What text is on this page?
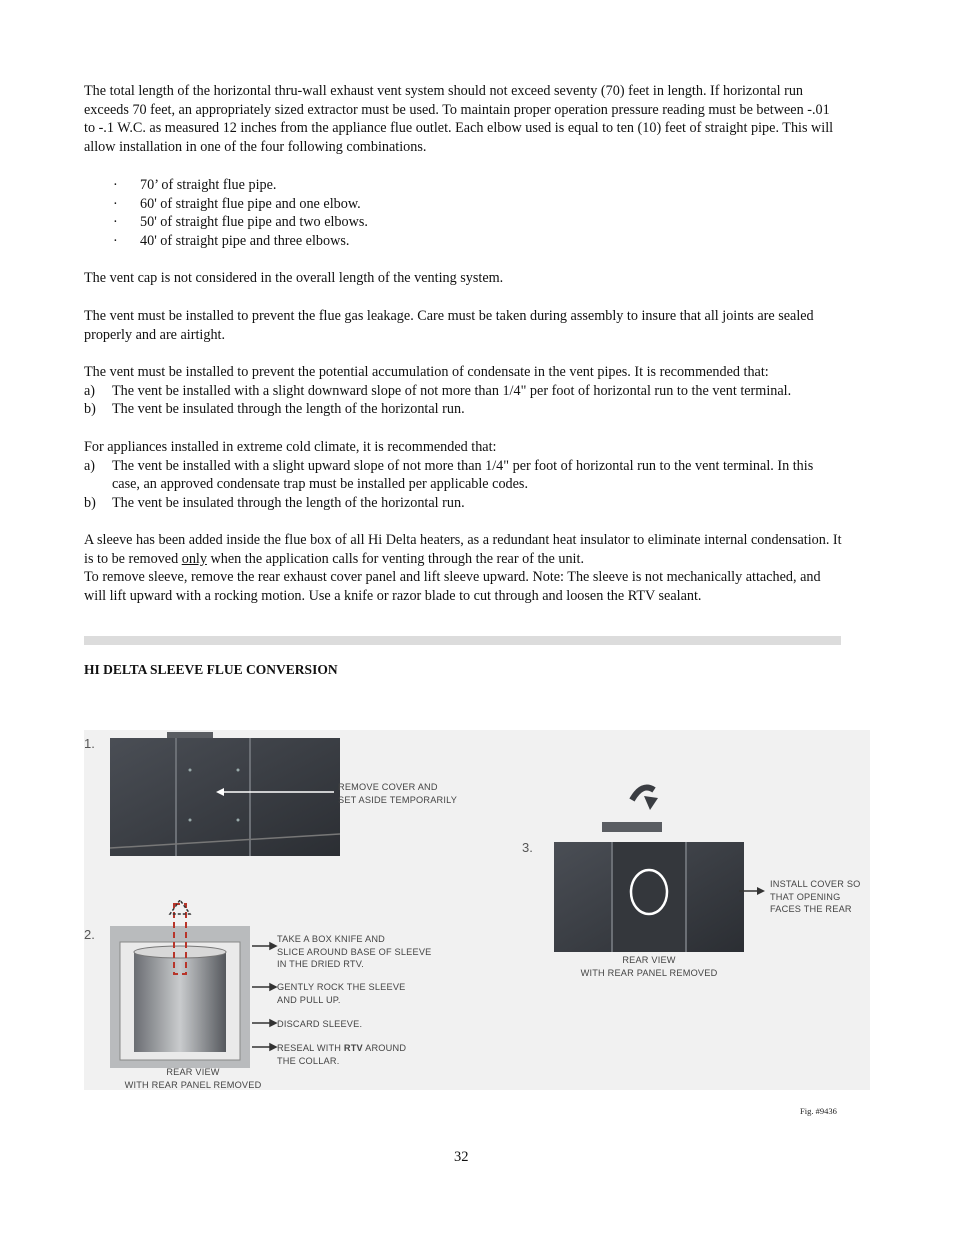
The total length of the horizontal thru-wall exhaust vent system should not exceed seventy (70) feet in length. If horizontal run exceeds 70 feet, an appropriately sized extractor must be used. To maintain proper operation pressure reading must be between -.01 to -.1 W.C. as measured 12 inches from the appliance flue outlet. Each elbow used is equal to ten (10) feet of straight pipe. This will allow installation in one of the four following combinations.

·	70’ of straight flue pipe.
·	60' of straight flue pipe and one elbow.
·	50' of straight flue pipe and two elbows.
·	40' of straight pipe and three elbows.

The vent cap is not considered in the overall length of the venting system.

The vent must be installed to prevent the flue gas leakage. Care must be taken during assembly to insure that all joints are sealed properly and are airtight.

The vent must be installed to prevent the potential accumulation of condensate in the vent pipes. It is recommended that:
a)	The vent be installed with a slight downward slope of not more than 1/4" per foot of horizontal run to the vent terminal.
b)	The vent be insulated through the length of the horizontal run.
For appliances installed in extreme cold climate, it is recommended that:
a)	The vent be installed with a slight upward slope of not more than 1/4" per foot of horizontal run to the vent terminal. In this case, an approved condensate trap must be installed per applicable codes.
b)	The vent be insulated through the length of the horizontal run.
A sleeve has been added inside the flue box of all Hi Delta heaters, as a redundant heat insulator to eliminate internal condensation. It is to be removed only when the application calls for venting through the rear of the unit.
To remove sleeve, remove the rear exhaust cover panel and lift sleeve upward. Note: The sleeve is not mechanically attached, and will lift upward with a rocking motion. Use a knife or razor blade to cut through and loosen the RTV sealant.
HI DELTA SLEEVE FLUE CONVERSION
1.
REMOVE COVER AND
SET ASIDE TEMPORARILY
2.	TAKE A BOX KNIFE AND
SLICE AROUND BASE OF SLEEVE
IN THE DRIED RTV.
GENTLY ROCK THE SLEEVE
AND PULL UP.
DISCARD SLEEVE.
RESEAL WITH RTV AROUND
THE COLLAR.
REAR VIEW
WITH REAR PANEL REMOVED
3.
INSTALL COVER SO
THAT OPENING
FACES THE REAR
REAR VIEW
WITH REAR PANEL REMOVED
Fig. #9436
32
